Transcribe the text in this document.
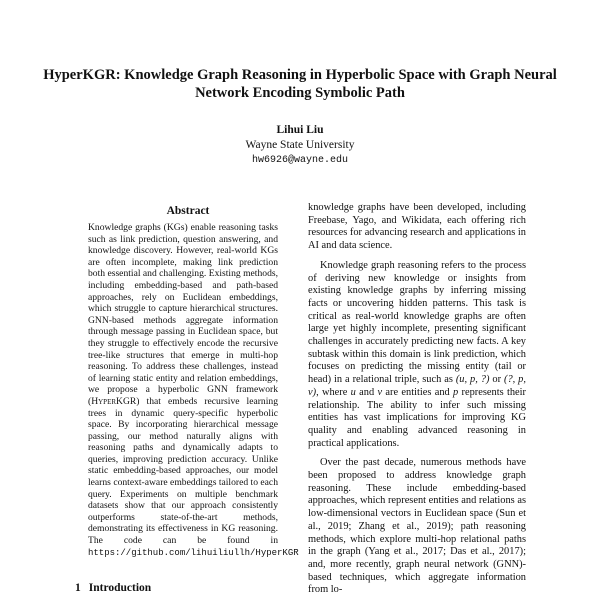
HyperKGR: Knowledge Graph Reasoning in Hyperbolic Space with Graph Neural Network Encoding Symbolic Path
Lihui Liu
Wayne State University
hw6926@wayne.edu
Abstract

Knowledge graphs (KGs) enable reasoning tasks such as link prediction, question answering, and knowledge discovery. However, real-world KGs are often incomplete, making link prediction both essential and challenging. Existing methods, including embedding-based and path-based approaches, rely on Euclidean embeddings, which struggle to capture hierarchical structures. GNN-based methods aggregate information through message passing in Euclidean space, but they struggle to effectively encode the recursive tree-like structures that emerge in multi-hop reasoning. To address these challenges, instead of learning static entity and relation embeddings, we propose a hyperbolic GNN framework (HyperKGR) that embeds recursive learning trees in dynamic query-specific hyperbolic space. By incorporating hierarchical message passing, our method naturally aligns with reasoning paths and dynamically adapts to queries, improving prediction accuracy. Unlike static embedding-based approaches, our model learns context-aware embeddings tailored to each query. Experiments on multiple benchmark datasets show that our approach consistently outperforms state-of-the-art methods, demonstrating its effectiveness in KG reasoning. The code can be found in https://github.com/lihuiliullh/HyperKGR

1 Introduction

knowledge graphs have been developed, including Freebase, Yago, and Wikidata, each offering rich resources for advancing research and applications in AI and data science.

Knowledge graph reasoning refers to the process of deriving new knowledge or insights from existing knowledge graphs by inferring missing facts or uncovering hidden patterns. This task is critical as real-world knowledge graphs are often large yet highly incomplete, presenting significant challenges in accurately predicting new facts. A key subtask within this domain is link prediction, which focuses on predicting the missing entity (tail or head) in a relational triple, such as (u, p, ?) or (?, p, v), where u and v are entities and p represents their relationship. The ability to infer such missing entities has vast implications for improving KG quality and enabling advanced reasoning in practical applications.

Over the past decade, numerous methods have been proposed to address knowledge graph reasoning. These include embedding-based approaches, which represent entities and relations as low-dimensional vectors in Euclidean space (Sun et al., 2019; Zhang et al., 2019); path reasoning methods, which explore multi-hop relational paths in the graph (Yang et al., 2017; Das et al., 2017); and, more recently, graph neural network (GNN)-based techniques, which aggregate information from lo-
